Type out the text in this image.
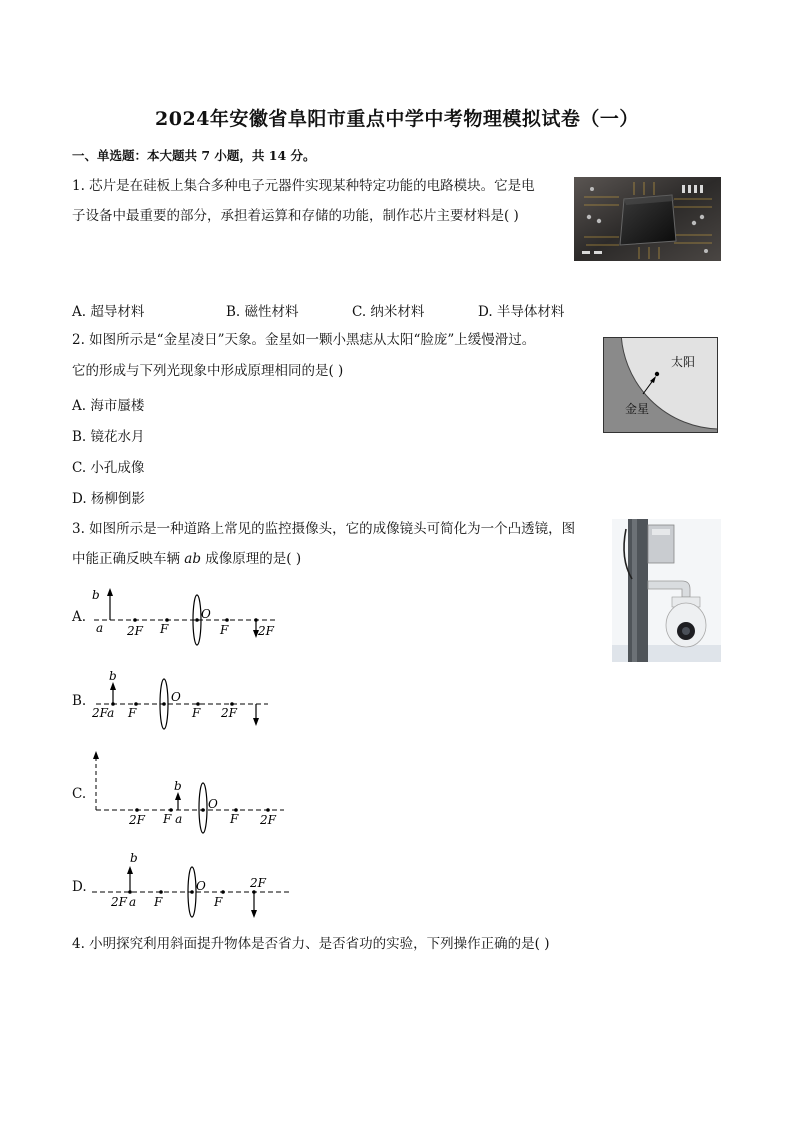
2024年安徽省阜阳市重点中学中考物理模拟试卷（一）
一、单选题：本大题共 7 小题，共 14 分。
1. 芯片是在硅板上集合多种电子元器件实现某种特定功能的电路模块。它是电
子设备中最重要的部分，承担着运算和存储的功能，制作芯片主要材料是( )
A. 超导材料	B. 磁性材料	C. 纳米材料	D. 半导体材料
2. 如图所示是“金星凌日”天象。金星如一颗小黑痣从太阳“脸庞”上缓慢滑过。
它的形成与下列光现象中形成原理相同的是( )
A. 海市蜃楼
B. 镜花水月
C. 小孔成像
D. 杨柳倒影
太阳
金星
3. 如图所示是一种道路上常见的监控摄像头，它的成像镜头可简化为一个凸透镜，图
中能正确反映车辆 ab 成像原理的是( )
A.
b
a 2F F
O
F 2F
B.
b
2Fa F
O
F 2F
C.	b
2F F a
O
F 2F
D.
b
2F a F
O
F
2F
4. 小明探究利用斜面提升物体是否省力、是否省功的实验，下列操作正确的是( )
